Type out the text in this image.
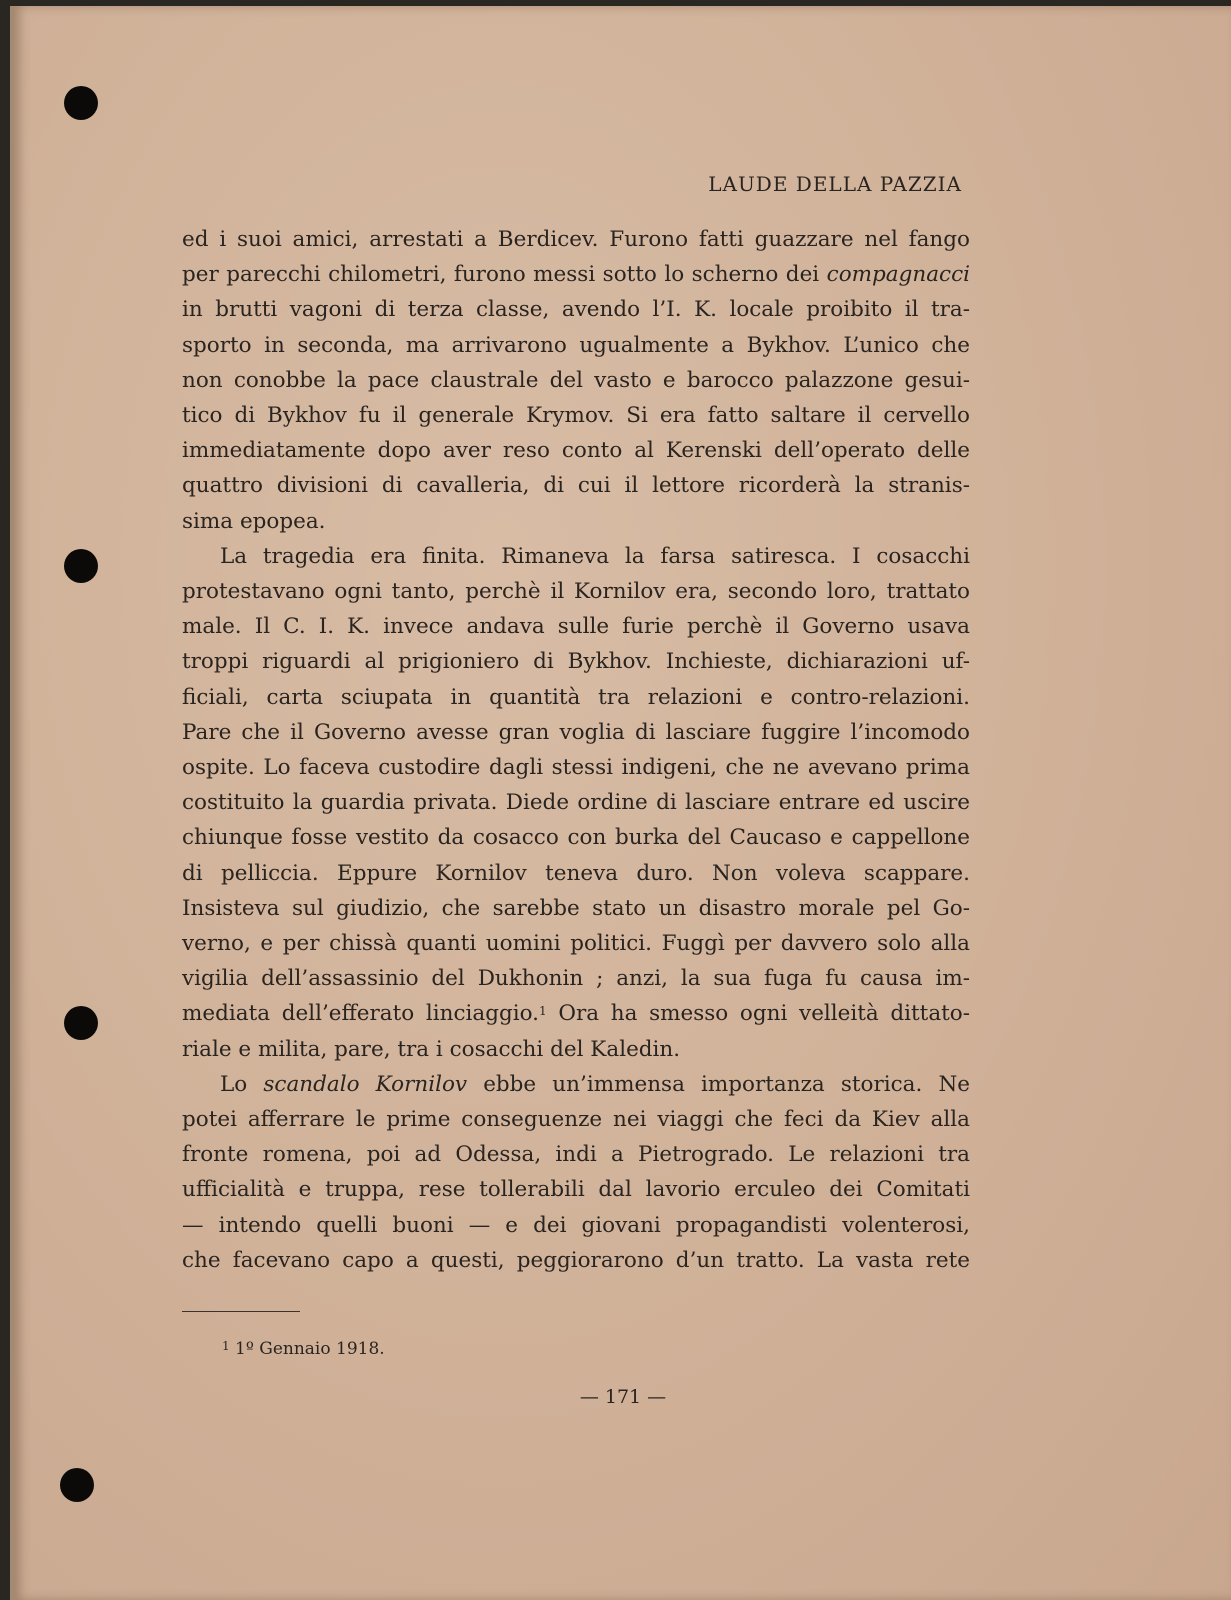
LAUDE DELLA PAZZIA
ed i suoi amici, arrestati a Berdicev. Furono fatti guazzare nel fango
per parecchi chilometri, furono messi sotto lo scherno dei compagnacci
in brutti vagoni di terza classe, avendo l’I. K. locale proibito il tra-
sporto in seconda, ma arrivarono ugualmente a Bykhov. L’unico che
non conobbe la pace claustrale del vasto e barocco palazzone gesui-
tico di Bykhov fu il generale Krymov. Si era fatto saltare il cervello
immediatamente dopo aver reso conto al Kerenski dell’operato delle
quattro divisioni di cavalleria, di cui il lettore ricorderà la stranis-
sima epopea.
La tragedia era finita. Rimaneva la farsa satiresca. I cosacchi
protestavano ogni tanto, perchè il Kornilov era, secondo loro, trattato
male. Il C. I. K. invece andava sulle furie perchè il Governo usava
troppi riguardi al prigioniero di Bykhov. Inchieste, dichiarazioni uf-
ficiali, carta sciupata in quantità tra relazioni e contro-relazioni.
Pare che il Governo avesse gran voglia di lasciare fuggire l’incomodo
ospite. Lo faceva custodire dagli stessi indigeni, che ne avevano prima
costituito la guardia privata. Diede ordine di lasciare entrare ed uscire
chiunque fosse vestito da cosacco con burka del Caucaso e cappellone
di pelliccia. Eppure Kornilov teneva duro. Non voleva scappare.
Insisteva sul giudizio, che sarebbe stato un disastro morale pel Go-
verno, e per chissà quanti uomini politici. Fuggì per davvero solo alla
vigilia dell’assassinio del Dukhonin ; anzi, la sua fuga fu causa im-
mediata dell’efferato linciaggio.$^1$ Ora ha smesso ogni velleità dittato-
riale e milita, pare, tra i cosacchi del Kaledin.
Lo scandalo Kornilov ebbe un’immensa importanza storica. Ne
potei afferrare le prime conseguenze nei viaggi che feci da Kiev alla
fronte romena, poi ad Odessa, indi a Pietrogrado. Le relazioni tra
ufficialità e truppa, rese tollerabili dal lavorio erculeo dei Comitati
— intendo quelli buoni — e dei giovani propagandisti volenterosi,
che facevano capo a questi, peggiorarono d’un tratto. La vasta rete
$^1$ 1º Gennaio 1918.
— 171 —
